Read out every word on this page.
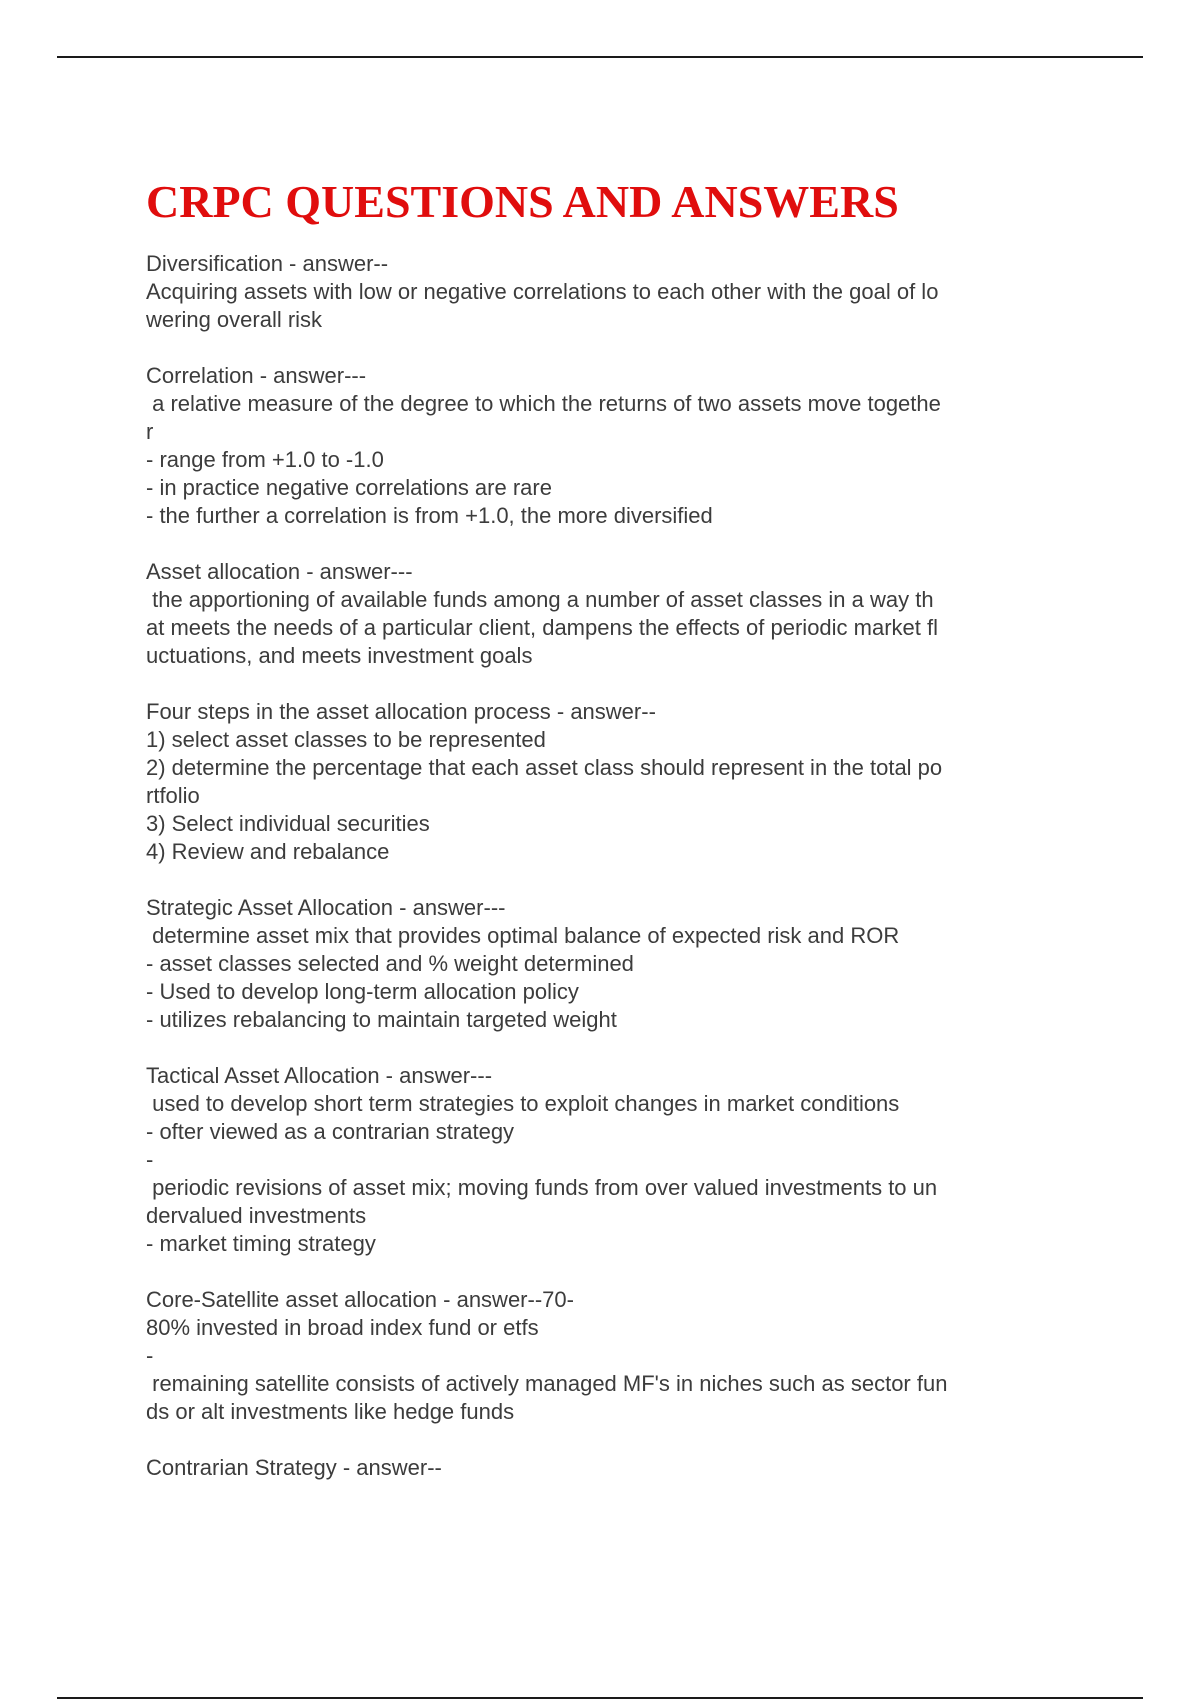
CRPC QUESTIONS AND ANSWERS
Diversification - answer--
Acquiring assets with low or negative correlations to each other with the goal of lo
wering overall risk
Correlation - answer---
a relative measure of the degree to which the returns of two assets move togethe
r
- range from +1.0 to -1.0
- in practice negative correlations are rare
- the further a correlation is from +1.0, the more diversified
Asset allocation - answer---
the apportioning of available funds among a number of asset classes in a way th
at meets the needs of a particular client, dampens the effects of periodic market fl
uctuations, and meets investment goals
Four steps in the asset allocation process - answer--
1) select asset classes to be represented
2) determine the percentage that each asset class should represent in the total po
rtfolio
3) Select individual securities
4) Review and rebalance
Strategic Asset Allocation - answer---
determine asset mix that provides optimal balance of expected risk and ROR
- asset classes selected and % weight determined
- Used to develop long-term allocation policy
- utilizes rebalancing to maintain targeted weight
Tactical Asset Allocation - answer---
used to develop short term strategies to exploit changes in market conditions
- ofter viewed as a contrarian strategy
-
periodic revisions of asset mix; moving funds from over valued investments to un
dervalued investments
- market timing strategy
Core-Satellite asset allocation - answer--70-
80% invested in broad index fund or etfs
-
remaining satellite consists of actively managed MF's in niches such as sector fun
ds or alt investments like hedge funds
Contrarian Strategy - answer--
